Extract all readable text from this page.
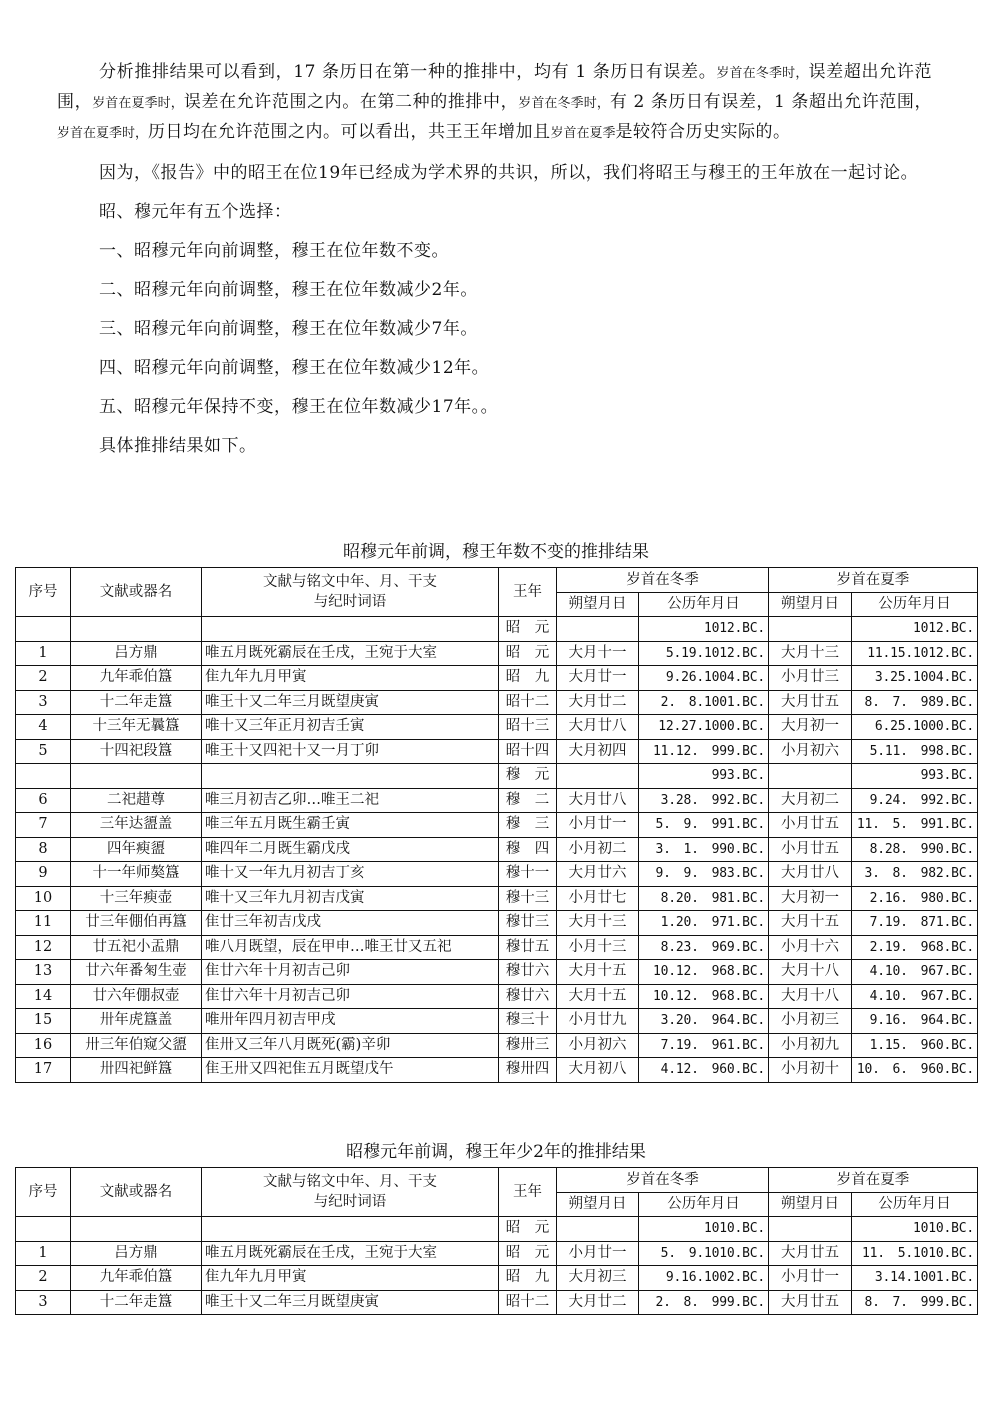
分析推排结果可以看到，17 条历日在第一种的推排中，均有 1 条历日有误差。岁首在冬季时，误差超出允许范围，岁首在夏季时，误差在允许范围之内。在第二种的推排中，岁首在冬季时，有 2 条历日有误差，1 条超出允许范围，岁首在夏季时，历日均在允许范围之内。可以看出，共王王年增加且岁首在夏季是较符合历史实际的。

因为，《报告》中的昭王在位19年已经成为学术界的共识，所以，我们将昭王与穆王的王年放在一起讨论。

昭、穆元年有五个选择：

一、昭穆元年向前调整，穆王在位年数不变。

二、昭穆元年向前调整，穆王在位年数减少2年。

三、昭穆元年向前调整，穆王在位年数减少7年。

四、昭穆元年向前调整，穆王在位年数减少12年。

五、昭穆元年保持不变，穆王在位年数减少17年。。

具体推排结果如下。

昭穆元年前调，穆王年数不变的推排结果
序号	文献或器名	文献与铭文中年、月、干支
与纪时词语	王年	岁首在冬季		岁首在夏季	
				朔望月日	公历年月日	朔望月日	公历年月日
			昭　元		1012.BC.		1012.BC.
1	吕方鼎	唯五月既死霸辰在壬戌，王宛于大室	昭　元	大月十一	5.19.1012.BC.	大月十三	11.15.1012.BC.
2	九年乖伯簋	隹九年九月甲寅	昭　九	大月廿一	9.26.1004.BC.	小月廿三	3.25.1004.BC.
3	十二年走簋	唯王十又二年三月既望庚寅	昭十二	大月廿二	2.　8.1001.BC.	大月廿五	8.　7.　989.BC.
4	十三年无曩簋	唯十又三年正月初吉壬寅	昭十三	大月廿八	12.27.1000.BC.	大月初一	6.25.1000.BC.
5	十四祀段簋	唯王十又四祀十又一月丁卯	昭十四	大月初四	11.12.　999.BC.	小月初六	5.11.　998.BC.
			穆　元		993.BC.		993.BC.
6	二祀趞尊	唯三月初吉乙卯…唯王二祀	穆　二	大月廿八	3.28.　992.BC.	大月初二	9.24.　992.BC.
7	三年达盨盖	唯三年五月既生霸壬寅	穆　三	小月廿一	5.　9.　991.BC.	小月廿五	11.　5.　991.BC.
8	四年瘐盨	唯四年二月既生霸戊戌	穆　四	小月初二	3.　1.　990.BC.	小月廿五	8.28.　990.BC.
9	十一年师獒簋	唯十又一年九月初吉丁亥	穆十一	大月廿六	9.　9.　983.BC.	大月廿八	3.　8.　982.BC.
10	十三年瘐壶	唯十又三年九月初吉戊寅	穆十三	小月廿七	8.20.　981.BC.	大月初一	2.16.　980.BC.
11	廿三年倗伯再簋	隹廿三年初吉戊戌	穆廿三	大月十三	1.20.　971.BC.	大月十五	7.19.　871.BC.
12	廿五祀小盂鼎	唯八月既望，辰在甲申…唯王廿又五祀	穆廿五	小月十三	8.23.　969.BC.	小月十六	2.19.　968.BC.
13	廿六年番匊生壶	隹廿六年十月初吉己卯	穆廿六	大月十五	10.12.　968.BC.	大月十八	4.10.　967.BC.
14	廿六年倗叔壶	隹廿六年十月初吉己卯	穆廿六	大月十五	10.12.　968.BC.	大月十八	4.10.　967.BC.
15	卅年虎簋盖	唯卅年四月初吉甲戌	穆三十	小月廿九	3.20.　964.BC.	小月初三	9.16.　964.BC.
16	卅三年伯窥父盨	隹卅又三年八月既死(霸)辛卯	穆卅三	小月初六	7.19.　961.BC.	小月初九	1.15.　960.BC.
17	卅四祀鲜簋	隹王卅又四祀隹五月既望戊午	穆卅四	大月初八	4.12.　960.BC.	小月初十	10.　6.　960.BC.
昭穆元年前调，穆王年少2年的推排结果
序号	文献或器名	文献与铭文中年、月、干支
与纪时词语	王年	岁首在冬季		岁首在夏季	
				朔望月日	公历年月日	朔望月日	公历年月日
			昭　元		1010.BC.		1010.BC.
1	吕方鼎	唯五月既死霸辰在壬戌，王宛于大室	昭　元	小月廿一	5.　9.1010.BC.	大月廿五	11.　5.1010.BC.
2	九年乖伯簋	隹九年九月甲寅	昭　九	大月初三	9.16.1002.BC.	小月廿一	3.14.1001.BC.
3	十二年走簋	唯王十又二年三月既望庚寅	昭十二	大月廿二	2.　8.　999.BC.	大月廿五	8.　7.　999.BC.
